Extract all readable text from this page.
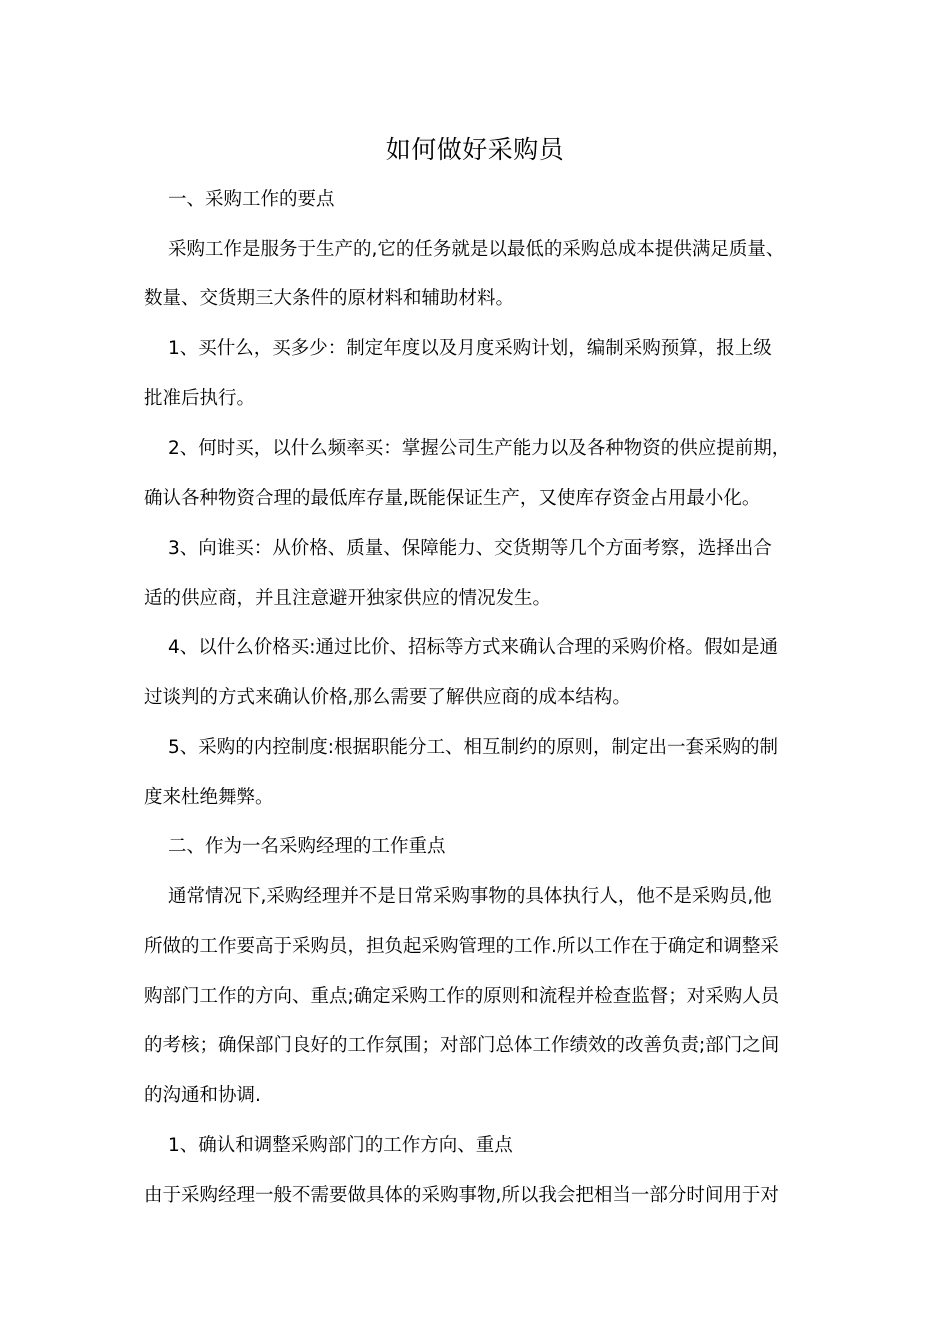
如何做好采购员
一、采购工作的要点
采购工作是服务于生产的,它的任务就是以最低的采购总成本提供满足质量、
数量、交货期三大条件的原材料和辅助材料。
1、买什么，买多少：制定年度以及月度采购计划，编制采购预算，报上级
批准后执行。
2、何时买，以什么频率买：掌握公司生产能力以及各种物资的供应提前期，
确认各种物资合理的最低库存量,既能保证生产，又使库存资金占用最小化。
3、向谁买：从价格、质量、保障能力、交货期等几个方面考察，选择出合
适的供应商，并且注意避开独家供应的情况发生。
4、以什么价格买:通过比价、招标等方式来确认合理的采购价格。假如是通
过谈判的方式来确认价格,那么需要了解供应商的成本结构。
5、采购的内控制度:根据职能分工、相互制约的原则，制定出一套采购的制
度来杜绝舞弊。
二、作为一名采购经理的工作重点
通常情况下,采购经理并不是日常采购事物的具体执行人，他不是采购员,他
所做的工作要高于采购员，担负起采购管理的工作.所以工作在于确定和调整采
购部门工作的方向、重点;确定采购工作的原则和流程并检查监督；对采购人员
的考核；确保部门良好的工作氛围；对部门总体工作绩效的改善负责;部门之间
的沟通和协调.
1、确认和调整采购部门的工作方向、重点
由于采购经理一般不需要做具体的采购事物,所以我会把相当一部分时间用于对
